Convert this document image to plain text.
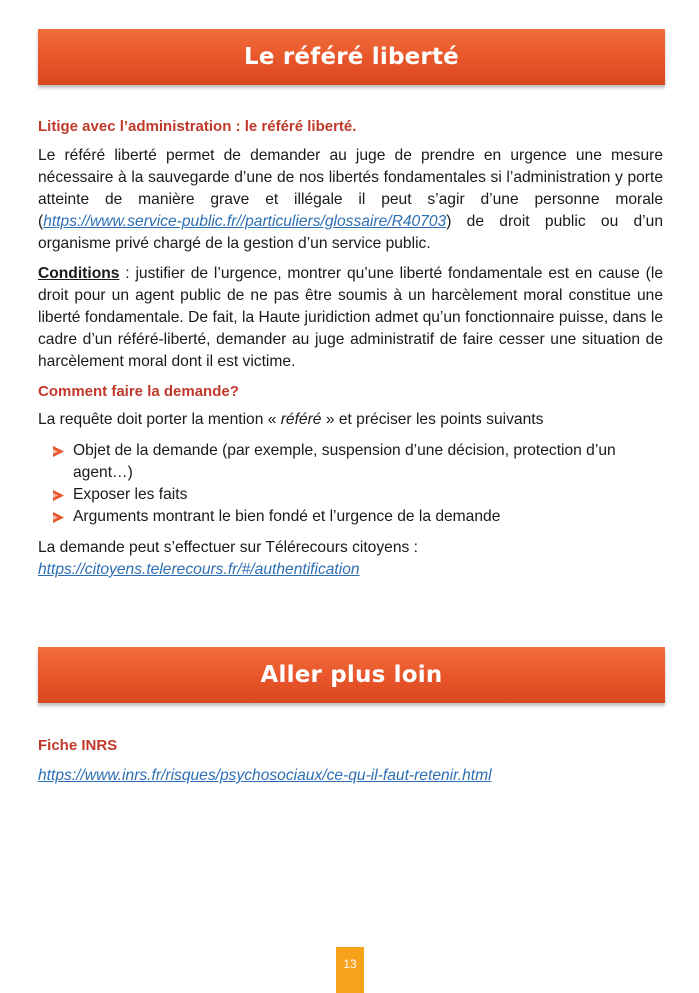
Le référé liberté

Litige avec l’administration : le référé liberté.

Le référé liberté permet de demander au juge de prendre en urgence une mesure nécessaire à la sauvegarde d’une de nos libertés fondamentales si l’administration y porte atteinte de manière grave et illégale il peut s’agir d’une personne morale (https://www.service-public.fr//particuliers/glossaire/R40703) de droit public ou d’un organisme privé chargé de la gestion d’un service public.

Conditions : justifier de l’urgence, montrer qu’une liberté fondamentale est en cause (le droit pour un agent public de ne pas être soumis à un harcèlement moral constitue une liberté fondamentale. De fait, la Haute juridiction admet qu’un fonctionnaire puisse, dans le cadre d’un référé-liberté, demander au juge administratif de faire cesser une situation de harcèlement moral dont il est victime.

Comment faire la demande?

La requête doit porter la mention « référé » et préciser les points suivants

Objet de la demande (par exemple, suspension d’une décision, protection d’un agent…)
Exposer les faits
Arguments montrant le bien fondé et l’urgence de la demande

La demande peut s’effectuer sur Télérecours citoyens :
https://citoyens.telerecours.fr/#/authentification

Aller plus loin

Fiche INRS

https://www.inrs.fr/risques/psychosociaux/ce-qu-il-faut-retenir.html

13
